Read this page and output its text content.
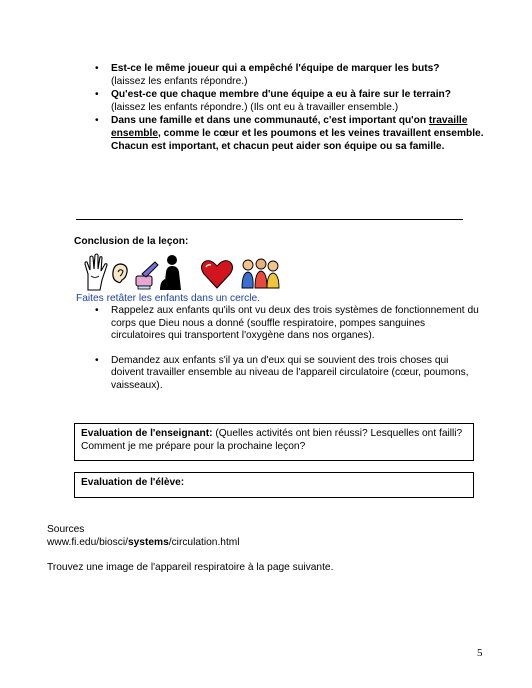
• Est-ce le même joueur qui a empêché l'équipe de marquer les buts?
(laissez les enfants répondre.)
• Qu'est-ce que chaque membre d'une équipe a eu à faire sur le terrain?
(laissez les enfants répondre.) (Ils ont eu à travailler ensemble.)
• Dans une famille et dans une communauté, c'est important qu'on travaille ensemble, comme le cœur et les poumons et les veines travaillent ensemble. Chacun est important, et chacun peut aider son équipe ou sa famille.
Conclusion de la leçon:
Faites retâter les enfants dans un cercle.
• Rappelez aux enfants qu'ils ont vu deux des trois systèmes de fonctionnement du corps que Dieu nous a donné (souffle respiratoire, pompes sanguines circulatoires qui transportent l'oxygène dans nos organes).
• Demandez aux enfants s'il ya un d'eux qui se souvient des trois choses qui doivent travailler ensemble au niveau de l'appareil circulatoire (cœur, poumons, vaisseaux).
Evaluation de l'enseignant: (Quelles activités ont bien réussi? Lesquelles ont failli? Comment je me prépare pour la prochaine leçon?
Evaluation de l'élève:
Sources
www.fi.edu/biosci/systems/circulation.html
Trouvez une image de l'appareil respiratoire à la page suivante.
5
